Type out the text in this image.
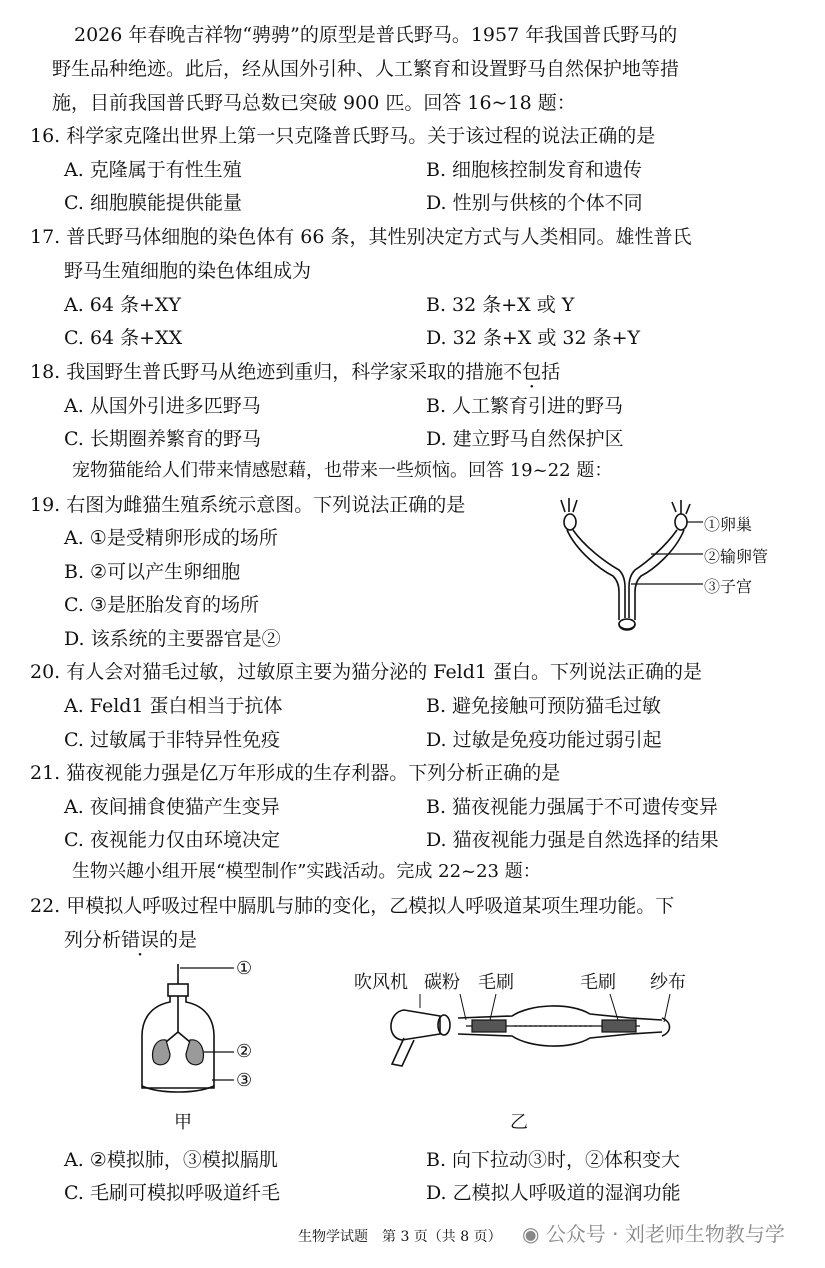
2026 年春晚吉祥物“骋骋”的原型是普氏野马。1957 年我国普氏野马的
野生品种绝迹。此后，经从国外引种、人工繁育和设置野马自然保护地等措
施，目前我国普氏野马总数已突破 900 匹。回答 16~18 题：
16. 科学家克隆出世界上第一只克隆普氏野马。关于该过程的说法正确的是
A. 克隆属于有性生殖	B. 细胞核控制发育和遗传
C. 细胞膜能提供能量	D. 性别与供核的个体不同
17. 普氏野马体细胞的染色体有 66 条，其性别决定方式与人类相同。雄性普氏
野马生殖细胞的染色体组成为
A. 64 条+XY	B. 32 条+X 或 Y
C. 64 条+XX	D. 32 条+X 或 32 条+Y
18. 我国野生普氏野马从绝迹到重归，科学家采取的措施不包括
A. 从国外引进多匹野马	B. 人工繁育引进的野马
C. 长期圈养繁育的野马	D. 建立野马自然保护区
宠物猫能给人们带来情感慰藉，也带来一些烦恼。回答 19~22 题：
19. 右图为雌猫生殖系统示意图。下列说法正确的是
A. ①是受精卵形成的场所
B. ②可以产生卵细胞
C. ③是胚胎发育的场所
D. 该系统的主要器官是②
①卵巢
②输卵管
③子宫
20. 有人会对猫毛过敏，过敏原主要为猫分泌的 Feld1 蛋白。下列说法正确的是
A. Feld1 蛋白相当于抗体	B. 避免接触可预防猫毛过敏
C. 过敏属于非特异性免疫	D. 过敏是免疫功能过弱引起
21. 猫夜视能力强是亿万年形成的生存利器。下列分析正确的是
A. 夜间捕食使猫产生变异	B. 猫夜视能力强属于不可遗传变异
C. 夜视能力仅由环境决定	D. 猫夜视能力强是自然选择的结果
生物兴趣小组开展“模型制作”实践活动。完成 22~23 题：
22. 甲模拟人呼吸过程中膈肌与肺的变化，乙模拟人呼吸道某项生理功能。下
列分析错误的是
①
②
③
甲
吹风机 碳粉 毛刷	毛刷 纱布
乙
A. ②模拟肺，③模拟膈肌	B. 向下拉动③时，②体积变大
C. 毛刷可模拟呼吸道纤毛	D. 乙模拟人呼吸道的湿润功能
生物学试题　第 3 页（共 8 页） ◉ 公众号 · 刘老师生物教与学
